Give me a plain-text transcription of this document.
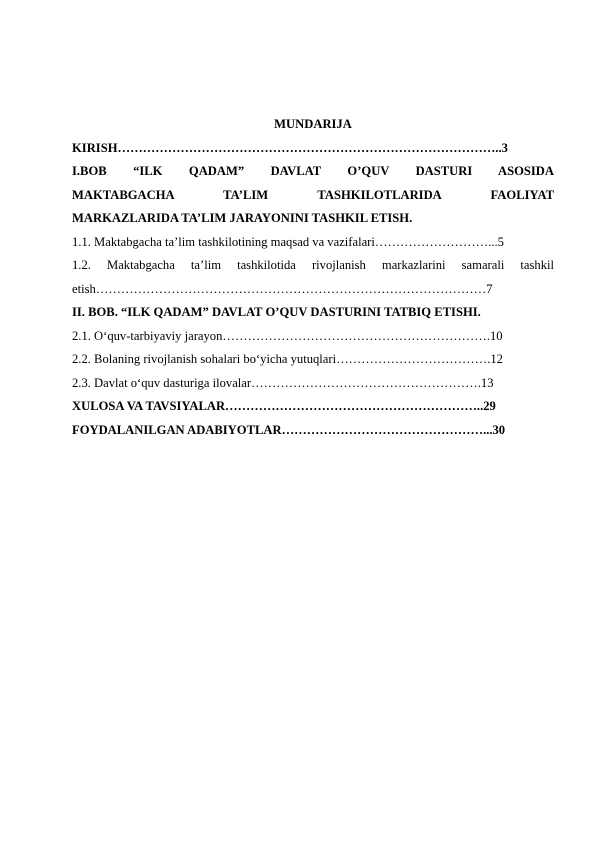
MUNDARIJA
KIRISH………………………………………………………………………………..3
I.BOB “ILK QADAM” DAVLAT O’QUV DASTURI ASOSIDA
MAKTABGACHA TA’LIM TASHKILOTLARIDA FAOLIYAT
MARKAZLARIDA TA’LIM JARAYONINI TASHKIL ETISH.
1.1. Maktabgacha ta’lim tashkilotining maqsad va vazifalari………………………...5
1.2. Maktabgacha ta’lim tashkilotida rivojlanish markazlarini samarali tashkil
etish…………………………………………………………………………………7
II. BOB. “ILK QADAM” DAVLAT O’QUV DASTURINI TATBIQ ETISHI.
2.1. O‘quv-tarbiyaviy jarayon……………………………………………………….10
2.2. Bolaning rivojlanish sohalari bo‘yicha yutuqlari……………………………….12
2.3. Davlat o‘quv dasturiga ilovalar……………………………………………….13
XULOSA VA TAVSIYALAR……………………………………………………..29
FOYDALANILGAN ADABIYOTLAR…………………………………………...30
